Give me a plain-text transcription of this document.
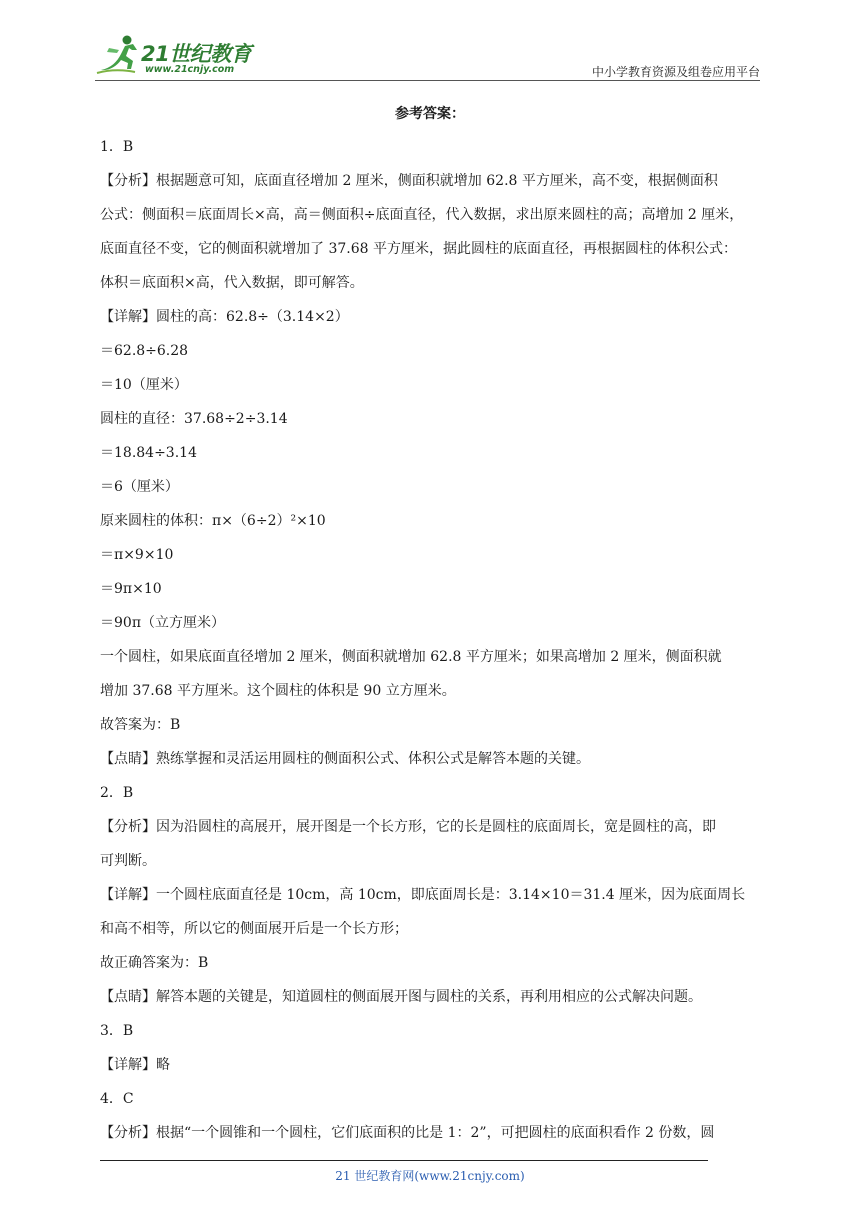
21世纪教育
www.21cnjy.com	中小学教育资源及组卷应用平台
参考答案：
1．B
【分析】根据题意可知，底面直径增加 2 厘米，侧面积就增加 62.8 平方厘米，高不变，根据侧面积
公式：侧面积＝底面周长×高，高＝侧面积÷底面直径，代入数据，求出原来圆柱的高；高增加 2 厘米，
底面直径不变，它的侧面积就增加了 37.68 平方厘米，据此圆柱的底面直径，再根据圆柱的体积公式：
体积＝底面积×高，代入数据，即可解答。
【详解】圆柱的高：62.8÷（3.14×2）
＝62.8÷6.28
＝10（厘米）
圆柱的直径：37.68÷2÷3.14
＝18.84÷3.14
＝6（厘米）
原来圆柱的体积：π×（6÷2）²×10
＝π×9×10
＝9π×10
＝90π（立方厘米）
一个圆柱，如果底面直径增加 2 厘米，侧面积就增加 62.8 平方厘米；如果高增加 2 厘米，侧面积就
增加 37.68 平方厘米。这个圆柱的体积是 90 立方厘米。
故答案为：B
【点睛】熟练掌握和灵活运用圆柱的侧面积公式、体积公式是解答本题的关键。
2．B
【分析】因为沿圆柱的高展开，展开图是一个长方形，它的长是圆柱的底面周长，宽是圆柱的高，即
可判断。
【详解】一个圆柱底面直径是 10cm，高 10cm，即底面周长是：3.14×10＝31.4 厘米，因为底面周长
和高不相等，所以它的侧面展开后是一个长方形；
故正确答案为：B
【点睛】解答本题的关键是，知道圆柱的侧面展开图与圆柱的关系，再利用相应的公式解决问题。
3．B
【详解】略
4．C
【分析】根据“一个圆锥和一个圆柱，它们底面积的比是 1：2”，可把圆柱的底面积看作 2 份数，圆
21 世纪教育网(www.21cnjy.com)
